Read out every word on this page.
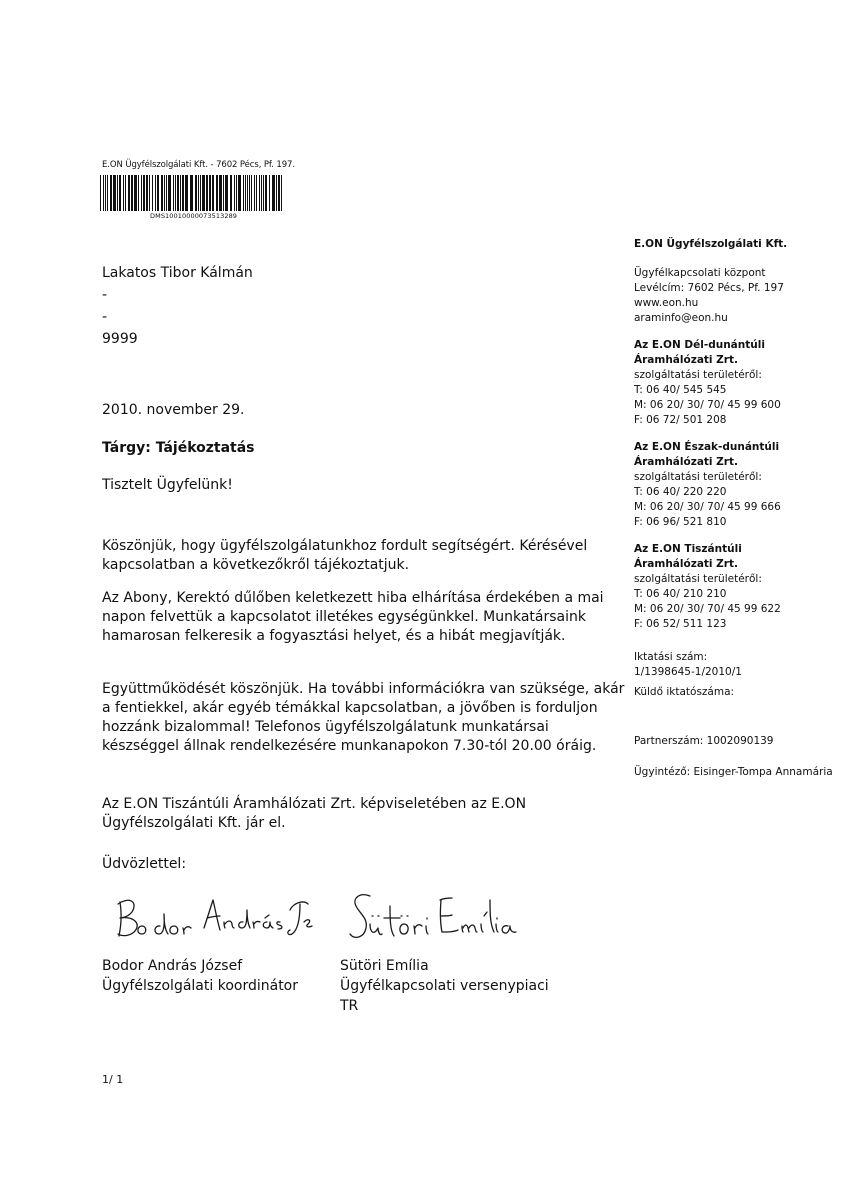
E.ON Ügyfélszolgálati Kft. - 7602 Pécs, Pf. 197.
DMS10010000073513289
Lakatos Tibor Kálmán
-
-
9999
2010. november 29.
Tárgy: Tájékoztatás
Tisztelt Ügyfelünk!
Köszönjük, hogy ügyfélszolgálatunkhoz fordult segítségért. Kérésével kapcsolatban a következőkről tájékoztatjuk.
Az Abony, Kerektó dűlőben keletkezett hiba elhárítása érdekében a mai napon felvettük a kapcsolatot illetékes egységünkkel. Munkatársaink hamarosan felkeresik a fogyasztási helyet, és a hibát megjavítják.
Együttműködését köszönjük. Ha további információkra van szüksége, akár a fentiekkel, akár egyéb témákkal kapcsolatban, a jövőben is forduljon hozzánk bizalommal! Telefonos ügyfélszolgálatunk munkatársai készséggel állnak rendelkezésére munkanapokon 7.30-tól 20.00 óráig.
Az E.ON Tiszántúli Áramhálózati Zrt. képviseletében az E.ON Ügyfélszolgálati Kft. jár el.
Üdvözlettel:
Bodor András József
Ügyfélszolgálati koordinátor
Sütöri Emília
Ügyfélkapcsolati versenypiaci TR
1/ 1
E.ON Ügyfélszolgálati Kft.
Ügyfélkapcsolati központ
Levélcím: 7602 Pécs, Pf. 197
www.eon.hu
araminfo@eon.hu
Az E.ON Dél-dunántúli
Áramhálózati Zrt.
szolgáltatási területéről:
T: 06 40/ 545 545
M: 06 20/ 30/ 70/ 45 99 600
F: 06 72/ 501 208
Az E.ON Észak-dunántúli
Áramhálózati Zrt.
szolgáltatási területéről:
T: 06 40/ 220 220
M: 06 20/ 30/ 70/ 45 99 666
F: 06 96/ 521 810
Az E.ON Tiszántúli
Áramhálózati Zrt.
szolgáltatási területéről:
T: 06 40/ 210 210
M: 06 20/ 30/ 70/ 45 99 622
F: 06 52/ 511 123
Iktatási szám:
1/1398645-1/2010/1
Küldő iktatószáma:
Partnerszám: 1002090139
Ügyintéző: Eisinger-Tompa Annamária
